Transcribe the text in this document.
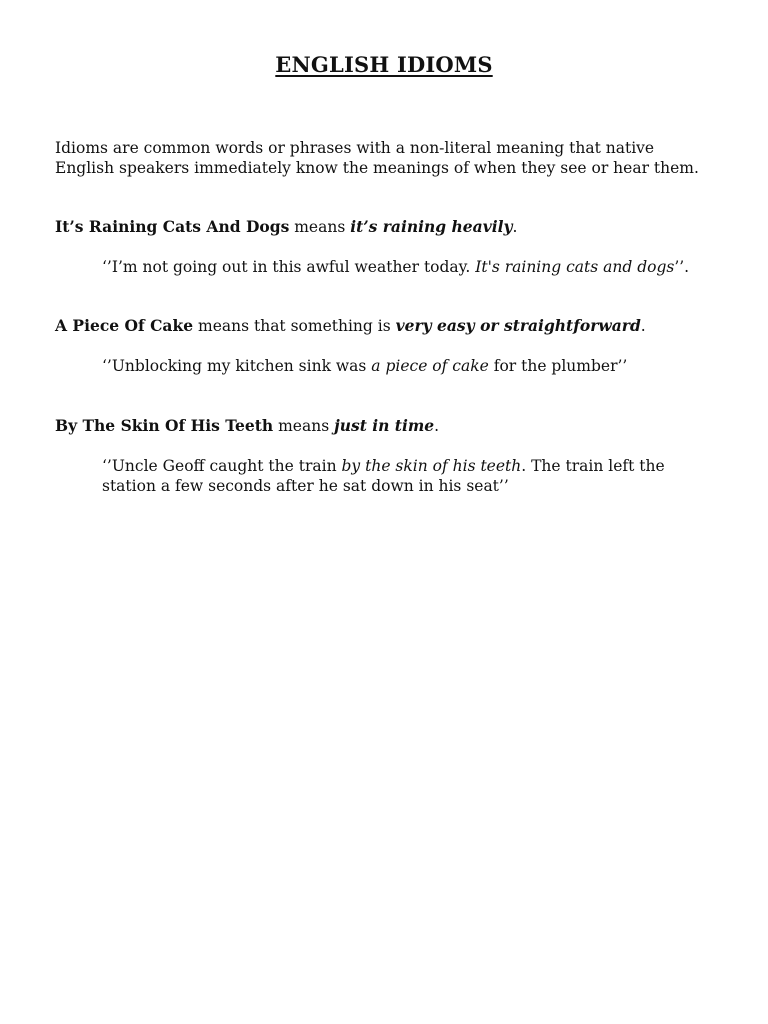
ENGLISH IDIOMS

Idioms are common words or phrases with a non-literal meaning that native English speakers immediately know the meanings of when they see or hear them.

It’s Raining Cats And Dogs means it’s raining heavily.

‘’I’m not going out in this awful weather today. It's raining cats and dogs’’.

A Piece Of Cake means that something is very easy or straightforward.

‘’Unblocking my kitchen sink was a piece of cake for the plumber’’

By The Skin Of His Teeth means just in time.

‘’Uncle Geoff caught the train by the skin of his teeth. The train left the station a few seconds after he sat down in his seat’’
